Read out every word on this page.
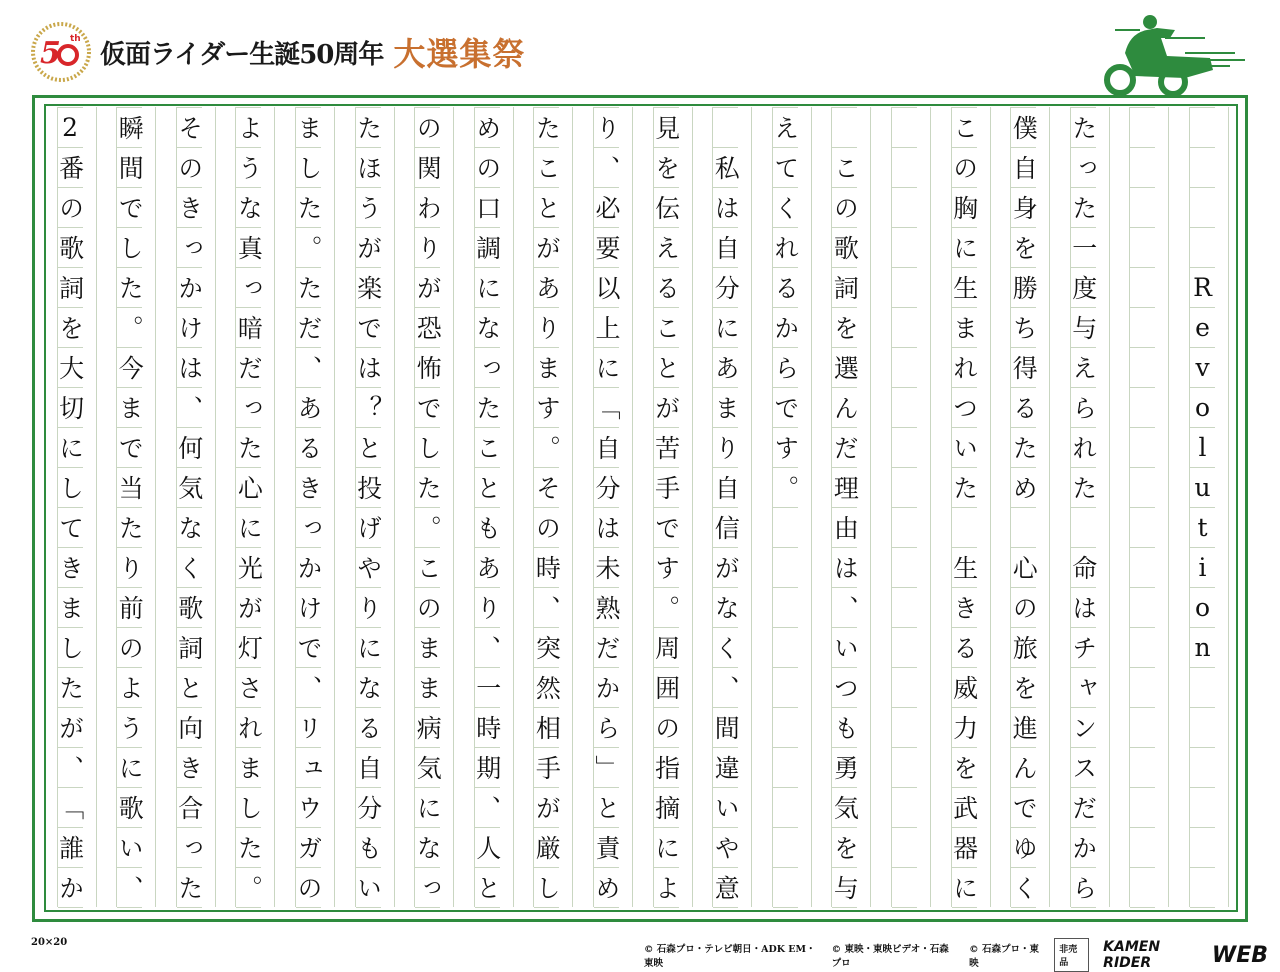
5 th
仮面ライダー生誕50周年 大選集祭

R
e
v
o
l
u
t
i
o
n

た
っ
た
一
度
与
え
ら
れ
た

命
は
チ
ャ
ン
ス
だ
か
ら
僕
自
身
を
勝
ち
得
る
た
め

心
の
旅
を
進
ん
で
ゆ
く
こ
の
胸
に
生
ま
れ
つ
い
た

生
き
る
威
力
を
武
器
に

こ
の
歌
詞
を
選
ん
だ
理
由
は
、
い
つ
も
勇
気
を
与
え
て
く
れ
る
か
ら
で
す
。

私
は
自
分
に
あ
ま
り
自
信
が
な
く
、
間
違
い
や
意
見
を
伝
え
る
こ
と
が
苦
手
で
す
。
周
囲
の
指
摘
に
よ
り
、
必
要
以
上
に
「
自
分
は
未
熟
だ
か
ら
」
と
責
め
た
こ
と
が
あ
り
ま
す
。
そ
の
時
、
突
然
相
手
が
厳
し
め
の
口
調
に
な
っ
た
こ
と
も
あ
り
、
一
時
期
、
人
と
の
関
わ
り
が
恐
怖
で
し
た
。
こ
の
ま
ま
病
気
に
な
っ
た
ほ
う
が
楽
で
は
？
と
投
げ
や
り
に
な
る
自
分
も
い
ま
し
た
。
た
だ
、
あ
る
き
っ
か
け
で
、
リ
ュ
ウ
ガ
の
よ
う
な
真
っ
暗
だ
っ
た
心
に
光
が
灯
さ
れ
ま
し
た
。
そ
の
き
っ
か
け
は
、
何
気
な
く
歌
詞
と
向
き
合
っ
た
瞬
間
で
し
た
。
今
ま
で
当
た
り
前
の
よ
う
に
歌
い
、
2
番
の
歌
詞
を
大
切
に
し
て
き
ま
し
た
が
、
「
誰
か
20×20
© 石森プロ・テレビ朝日・ADK EM・東映
© 東映・東映ビデオ・石森プロ
© 石森プロ・東映
非売品
KAMEN RIDER	WEB
